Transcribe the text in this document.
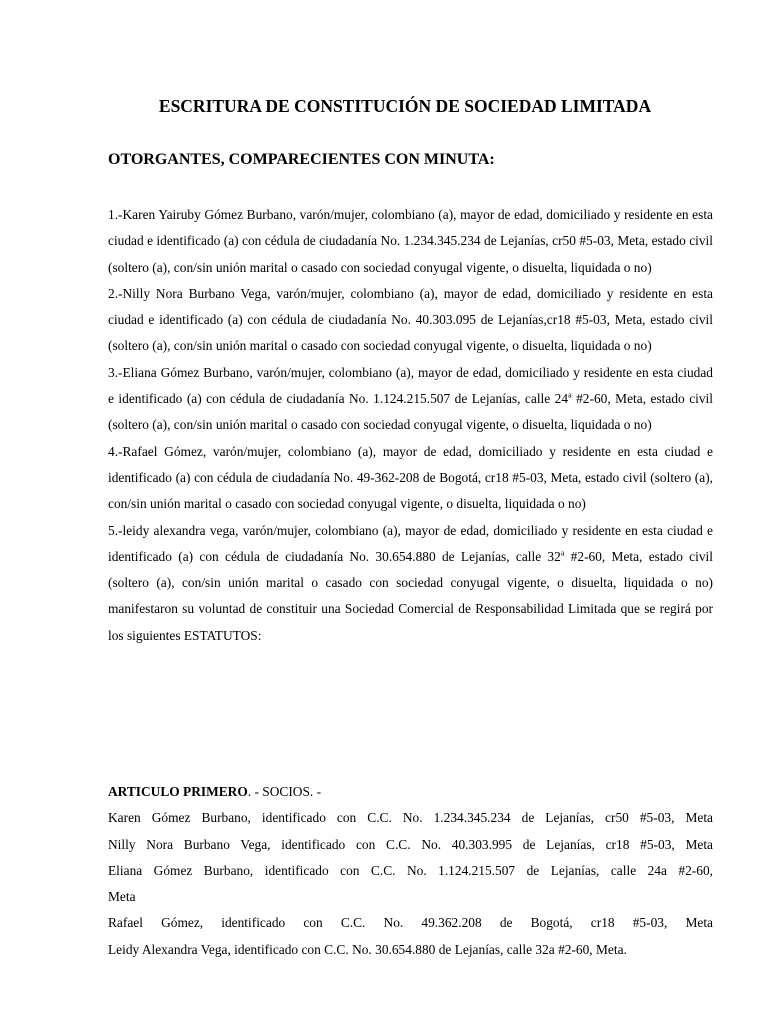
ESCRITURA DE CONSTITUCIÓN DE SOCIEDAD LIMITADA
OTORGANTES, COMPARECIENTES CON MINUTA:

1.-Karen Yairuby Gómez Burbano, varón/mujer, colombiano (a), mayor de edad, domiciliado y residente en esta ciudad e identificado (a) con cédula de ciudadanía No. 1.234.345.234 de Lejanías, cr50 #5-03, Meta, estado civil (soltero (a), con/sin unión marital o casado con sociedad conyugal vigente, o disuelta, liquidada o no)

2.-Nilly Nora Burbano Vega, varón/mujer, colombiano (a), mayor de edad, domiciliado y residente en esta ciudad e identificado (a) con cédula de ciudadanía No. 40.303.095 de Lejanías,cr18 #5-03, Meta, estado civil (soltero (a), con/sin unión marital o casado con sociedad conyugal vigente, o disuelta, liquidada o no)

3.-Eliana Gómez Burbano, varón/mujer, colombiano (a), mayor de edad, domiciliado y residente en esta ciudad e identificado (a) con cédula de ciudadanía No. 1.124.215.507 de Lejanías, calle 24$^a$ #2-60, Meta, estado civil (soltero (a), con/sin unión marital o casado con sociedad conyugal vigente, o disuelta, liquidada o no)

4.-Rafael Gómez, varón/mujer, colombiano (a), mayor de edad, domiciliado y residente en esta ciudad e identificado (a) con cédula de ciudadanía No. 49-362-208 de Bogotá, cr18 #5-03, Meta, estado civil (soltero (a), con/sin unión marital o casado con sociedad conyugal vigente, o disuelta, liquidada o no)

5.-leidy alexandra vega, varón/mujer, colombiano (a), mayor de edad, domiciliado y residente en esta ciudad e identificado (a) con cédula de ciudadanía No. 30.654.880 de Lejanías, calle 32$^a$ #2-60, Meta, estado civil (soltero (a), con/sin unión marital o casado con sociedad conyugal vigente, o disuelta, liquidada o no) manifestaron su voluntad de constituir una Sociedad Comercial de Responsabilidad Limitada que se regirá por los siguientes ESTATUTOS:

ARTICULO PRIMERO. - SOCIOS. -

Karen Gómez Burbano, identificado con C.C. No. 1.234.345.234 de Lejanías, cr50 #5-03, Meta

Nilly Nora Burbano Vega, identificado con C.C. No. 40.303.995 de Lejanías, cr18 #5-03, Meta

Eliana Gómez Burbano, identificado con C.C. No. 1.124.215.507 de Lejanías, calle 24a #2-60,

Meta

Rafael Gómez, identificado con C.C. No. 49.362.208 de Bogotá, cr18 #5-03, Meta

Leidy Alexandra Vega, identificado con C.C. No. 30.654.880 de Lejanías, calle 32a #2-60, Meta.
